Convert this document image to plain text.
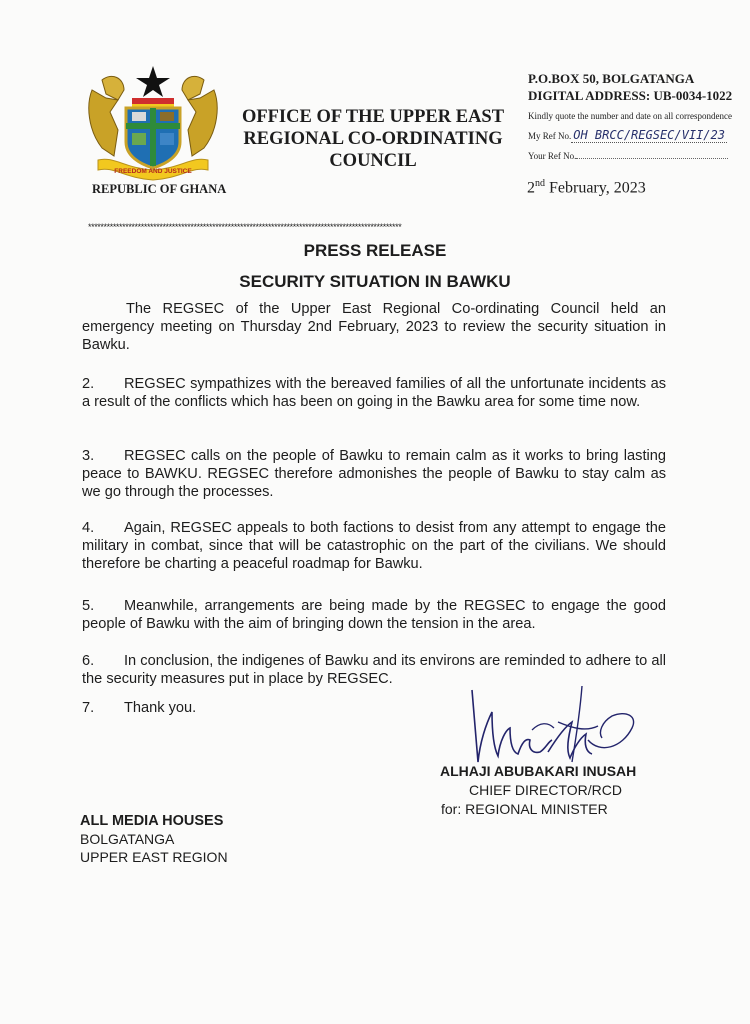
FREEDOM AND JUSTICE
REPUBLIC OF GHANA
OFFICE OF THE UPPER EAST
REGIONAL CO-ORDINATING
COUNCIL
P.O.BOX 50, BOLGATANGA
DIGITAL ADDRESS: UB-0034-1022
Kindly quote the number and date on all correspondence
My Ref No. OH BRCC/REGSEC/VII/23
Your Ref No.
2nd February, 2023
*****************************************************************************************************
PRESS RELEASE
SECURITY SITUATION IN BAWKU
The REGSEC of the Upper East Regional Co-ordinating Council held an emergency meeting on Thursday 2nd February, 2023 to review the security situation in Bawku.
2. REGSEC sympathizes with the bereaved families of all the unfortunate incidents as a result of the conflicts which has been on going in the Bawku area for some time now.
3. REGSEC calls on the people of Bawku to remain calm as it works to bring lasting peace to BAWKU. REGSEC therefore admonishes the people of Bawku to stay calm as we go through the processes.
4. Again, REGSEC appeals to both factions to desist from any attempt to engage the military in combat, since that will be catastrophic on the part of the civilians. We should therefore be charting a peaceful roadmap for Bawku.
5. Meanwhile, arrangements are being made by the REGSEC to engage the good people of Bawku with the aim of bringing down the tension in the area.
6. In conclusion, the indigenes of Bawku and its environs are reminded to adhere to all the security measures put in place by REGSEC.
7. Thank you.
ALHAJI ABUBAKARI INUSAH
CHIEF DIRECTOR/RCD
for: REGIONAL MINISTER
ALL MEDIA HOUSES
BOLGATANGA
UPPER EAST REGION
